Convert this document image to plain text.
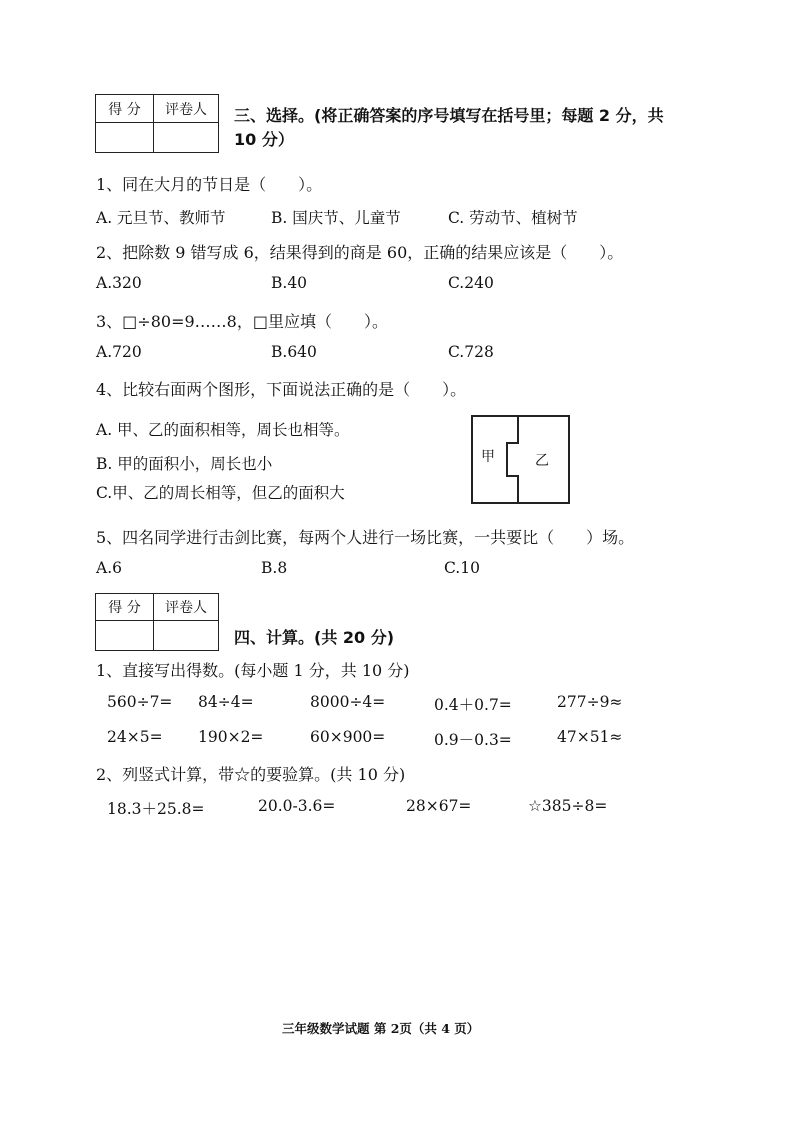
得 分	评卷人
	三、选择。(将正确答案的序号填写在括号里；每题 2 分，共
10 分）
1、同在大月的节日是（　　）。
A. 元旦节、教师节	B. 国庆节、儿童节	C. 劳动节、植树节
2、把除数 9 错写成 6，结果得到的商是 60，正确的结果应该是（　　）。
A.320	B.40	C.240
3、□÷80=9……8，□里应填（　　）。
A.720	B.640	C.728
4、比较右面两个图形，下面说法正确的是（　　）。
A. 甲、乙的面积相等，周长也相等。
B. 甲的面积小，周长也小
C.甲、乙的周长相等，但乙的面积大
甲	乙
5、四名同学进行击剑比赛，每两个人进行一场比赛，一共要比（　　）场。
A.6	B.8	C.10
得 分	评卷人

四、计算。(共 20 分)
1、直接写出得数。(每小题 1 分，共 10 分)
560÷7= 84÷4=	8000÷4=	0.4＋0.7=	277÷9≈
24×5= 190×2=	60×900=	0.9－0.3=	47×51≈
2、列竖式计算，带☆的要验算。(共 10 分)
18.3＋25.8=	20.0-3.6=	28×67=	☆385÷8=
三年级数学试题 第 2页（共 4 页）
